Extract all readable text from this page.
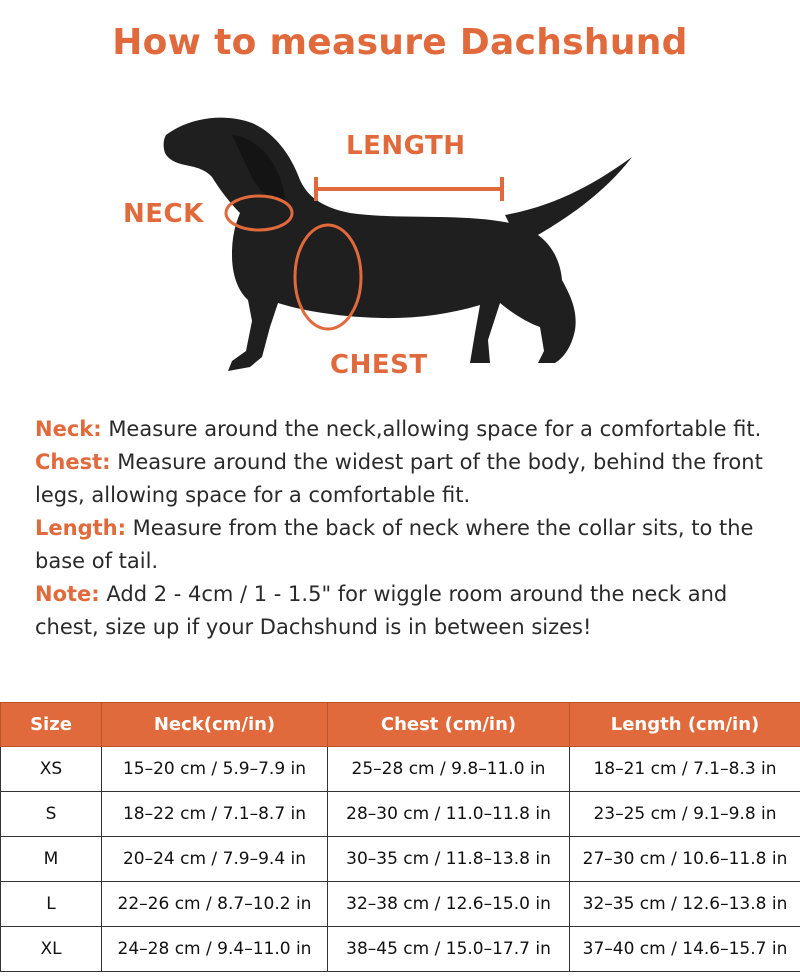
How to measure Dachshund
LENGTH
NECK
CHEST

Neck: Measure around the neck,allowing space for a comfortable fit.

Chest: Measure around the widest part of the body, behind the front legs, allowing space for a comfortable fit.

Length: Measure from the back of neck where the collar sits, to the base of tail.

Note: Add 2 - 4cm / 1 - 1.5" for wiggle room around the neck and chest, size up if your Dachshund is in between sizes!

Size	Neck(cm/in)	Chest (cm/in)	Length (cm/in)
XS	15–20 cm / 5.9–7.9 in	25–28 cm / 9.8–11.0 in	18–21 cm / 7.1–8.3 in
S	18–22 cm / 7.1–8.7 in	28–30 cm / 11.0–11.8 in	23–25 cm / 9.1–9.8 in
M	20–24 cm / 7.9–9.4 in	30–35 cm / 11.8–13.8 in	27–30 cm / 10.6–11.8 in
L	22–26 cm / 8.7–10.2 in	32–38 cm / 12.6–15.0 in	32–35 cm / 12.6–13.8 in
XL	24–28 cm / 9.4–11.0 in	38–45 cm / 15.0–17.7 in	37–40 cm / 14.6–15.7 in
